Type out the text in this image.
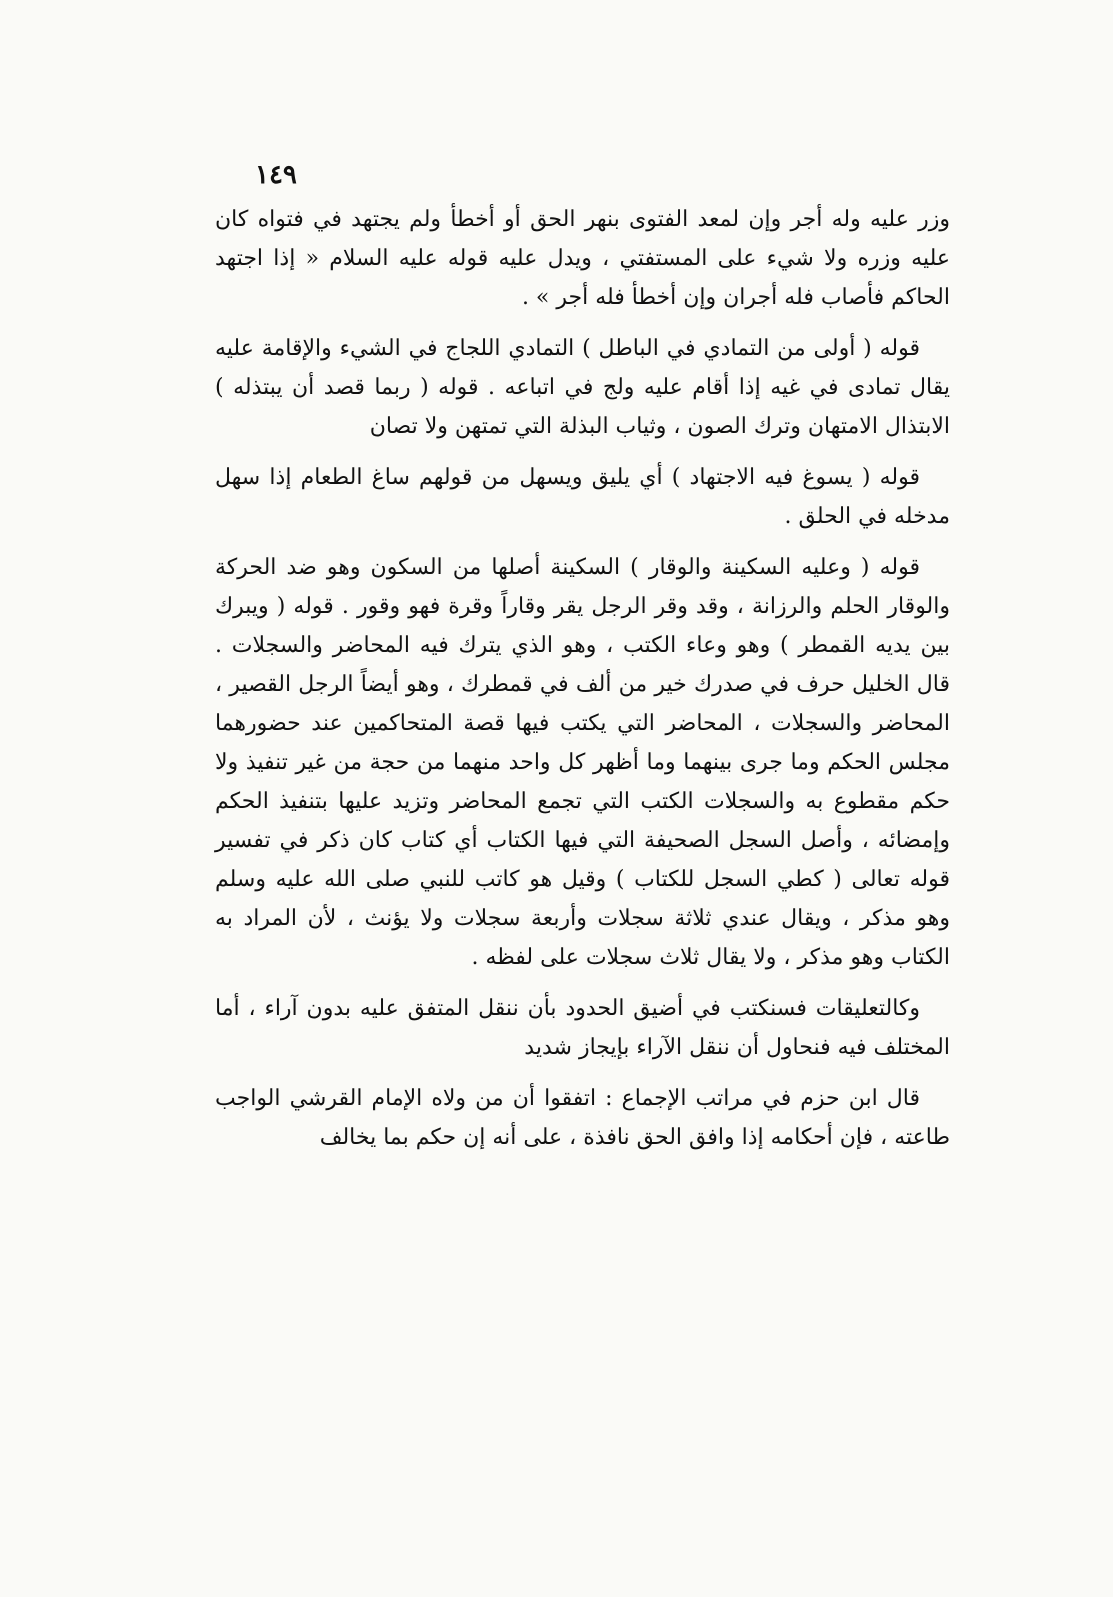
١٤٩

وزر عليه وله أجر وإن لمعد الفتوى بنهر الحق أو أخطأ ولم يجتهد في فتواه كان عليه وزره ولا شيء على المستفتي ، ويدل عليه قوله عليه السلام « إذا اجتهد الحاكم فأصاب فله أجران وإن أخطأ فله أجر » .

قوله ( أولى من التمادي في الباطل ) التمادي اللجاج في الشيء والإقامة عليه يقال تمادى في غيه إذا أقام عليه ولج في اتباعه . قوله ( ربما قصد أن يبتذله ) الابتذال الامتهان وترك الصون ، وثياب البذلة التي تمتهن ولا تصان

قوله ( يسوغ فيه الاجتهاد ) أي يليق ويسهل من قولهم ساغ الطعام إذا سهل مدخله في الحلق .

قوله ( وعليه السكينة والوقار ) السكينة أصلها من السكون وهو ضد الحركة والوقار الحلم والرزانة ، وقد وقر الرجل يقر وقاراً وقرة فهو وقور . قوله ( ويبرك بين يديه القمطر ) وهو وعاء الكتب ، وهو الذي يترك فيه المحاضر والسجلات . قال الخليل حرف في صدرك خير من ألف في قمطرك ، وهو أيضاً الرجل القصير ، المحاضر والسجلات ، المحاضر التي يكتب فيها قصة المتحاكمين عند حضورهما مجلس الحكم وما جرى بينهما وما أظهر كل واحد منهما من حجة من غير تنفيذ ولا حكم مقطوع به والسجلات الكتب التي تجمع المحاضر وتزيد عليها بتنفيذ الحكم وإمضائه ، وأصل السجل الصحيفة التي فيها الكتاب أي كتاب كان ذكر في تفسير قوله تعالى ( كطي السجل للكتاب ) وقيل هو كاتب للنبي صلى الله عليه وسلم وهو مذكر ، ويقال عندي ثلاثة سجلات وأربعة سجلات ولا يؤنث ، لأن المراد به الكتاب وهو مذكر ، ولا يقال ثلاث سجلات على لفظه .

وكالتعليقات فسنكتب في أضيق الحدود بأن ننقل المتفق عليه بدون آراء ، أما المختلف فيه فنحاول أن ننقل الآراء بإيجاز شديد

قال ابن حزم في مراتب الإجماع : اتفقوا أن من ولاه الإمام القرشي الواجب طاعته ، فإن أحكامه إذا وافق الحق نافذة ، على أنه إن حكم بما يخالف
